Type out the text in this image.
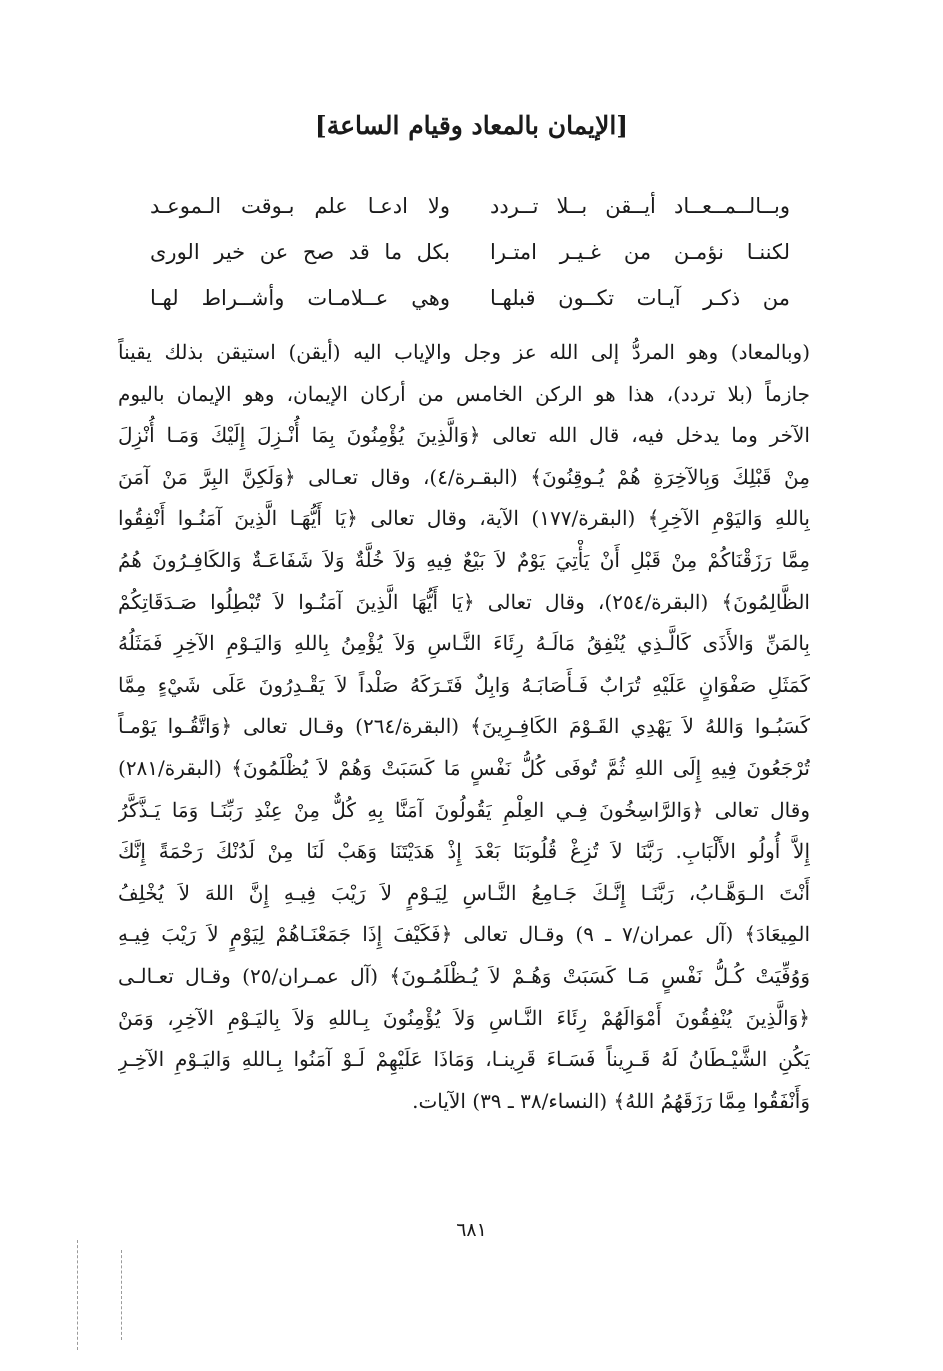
[الإيمان بالمعاد وقيام الساعة]
وبــالــمــعــاد أيــقن بــلا تــردد
ولا ادعـا علم بـوقت الـموعـد
لكننـا نؤمـن من غـيـر امتـرا
بكل ما قد صح عن خير الورى
من ذكـر آيـات تكــون قبلهـا
وهي عــلامـات وأشــراط لهـا
(وبالمعاد) وهو المردُّ إلى الله عز وجل والإياب اليه (أيقن) استيقن بذلك يقيناً
جازماً (بلا تردد)، هذا هو الركن الخامس من أركان الإيمان، وهو الإيمان باليوم
الآخر وما يدخل فيه، قال الله تعالى ﴿وَالَّذِينَ يُؤْمِنُونَ بِمَا أُنْـزِلَ إِلَيْكَ وَمَـا أُنْزِلَ
مِنْ قَبْلِكَ وَبِالآخِرَةِ هُمْ يُـوقِنُونَ﴾ (البقـرة/٤)، وقال تعـالى ﴿وَلَكِنَّ البِرَّ مَنْ آمَنَ
بِاللهِ وَاليَوْمِ الآخِرِ﴾ (البقرة/١٧٧) الآية، وقال تعالى ﴿يَا أَيُّهَـا الَّذِينَ آمَنُـوا أَنْفِقُوا
مِمَّا رَزَقْنَاكُمْ مِنْ قَبْلِ أَنْ يَأْتِيَ يَوْمٌ لاَ بَيْعٌ فِيهِ وَلاَ خُلَّةٌ وَلاَ شَفَاعَـةٌ وَالكَافِـرُونَ هُمُ
الظَّالِمُونَ﴾ (البقرة/٢٥٤)، وقال تعالى ﴿يَا أَيُّهَا الَّذِينَ آمَنُـوا لاَ تُبْطِلُوا صَـدَقَاتِكُمْ
بِالمَنِّ وَالأَذَى كَالَّـذِي يُنْفِقُ مَالَـهُ رِئَاءَ النَّـاسِ وَلاَ يُؤْمِنُ بِاللهِ وَاليَـوْمِ الآخِرِ فَمَثَلُهُ
كَمَثَلِ صَفْوَانٍ عَلَيْهِ تُرَابٌ فَـأَصَابَـهُ وَابِلٌ فَتَـرَكَهُ صَلْداً لاَ يَقْـدِرُونَ عَلَى شَيْءٍ مِمَّا
كَسَبُـوا وَاللهُ لاَ يَهْدِي القَـوْمَ الكَافِـرِينَ﴾ (البقرة/٢٦٤) وقـال تعالى ﴿وَاتَّقُـوا يَوْمـاً
تُرْجَعُونَ فِيهِ إِلَى اللهِ ثُمَّ تُوفَى كُلُّ نَفْسٍ مَا كَسَبَتْ وَهُمْ لاَ يُظْلَمُونَ﴾ (البقرة/٢٨١)
وقال تعالى ﴿وَالرَّاسِخُونَ فِـي العِلْمِ يَقُولُونَ آمَنَّا بِهِ كُلٌّ مِنْ عِنْدِ رَبِّنَـا وَمَا يَـذَّكَّرُ
إِلاَّ أُولُو الأَلْبَابِ. رَبَّنَا لاَ تُزِغْ قُلُوبَنَا بَعْدَ إِذْ هَدَيْتَنَا وَهَبْ لَنَا مِنْ لَدُنْكَ رَحْمَةً إِنَّكَ
أَنْتَ الـوَهَّـابُ، رَبَّنَـا إِنَّـكَ جَـامِعُ النَّـاسِ لِيَـوْمٍ لاَ رَيْبَ فِيـهِ إِنَّ اللهَ لاَ يُخْلِفُ
المِيعَادَ﴾ (آل عمران/٧ ـ ٩) وقـال تعالى ﴿فَكَيْفَ إِذَا جَمَعْنَـاهُمْ لِيَوْمٍ لاَ رَيْبَ فِيـهِ
وَوُفِّيَتْ كُـلُّ نَفْسٍ مَـا كَسَبَتْ وَهُـمْ لاَ يُـظْلَمُـونَ﴾ (آل عمـران/٢٥) وقـال تعـالـى
﴿وَالَّذِينَ يُنْفِقُونَ أَمْوَالَهُمْ رِئَاءَ النَّـاسِ وَلاَ يُؤْمِنُونَ بِـاللهِ وَلاَ بِاليَـوْمِ الآخِرِ، وَمَنْ
يَكُنِ الشَّيْـطَانُ لَهُ قَـرِيناً فَسَـاءَ قَرِينـا، وَمَاذَا عَلَيْهِمْ لَـوْ آمَنُوا بِـاللهِ وَاليَـوْمِ الآخِـرِ
وَأَنْفَقُوا مِمَّا رَزَقَهُمُ اللهُ﴾ (النساء/٣٨ ـ ٣٩) الآيات.
٦٨١
